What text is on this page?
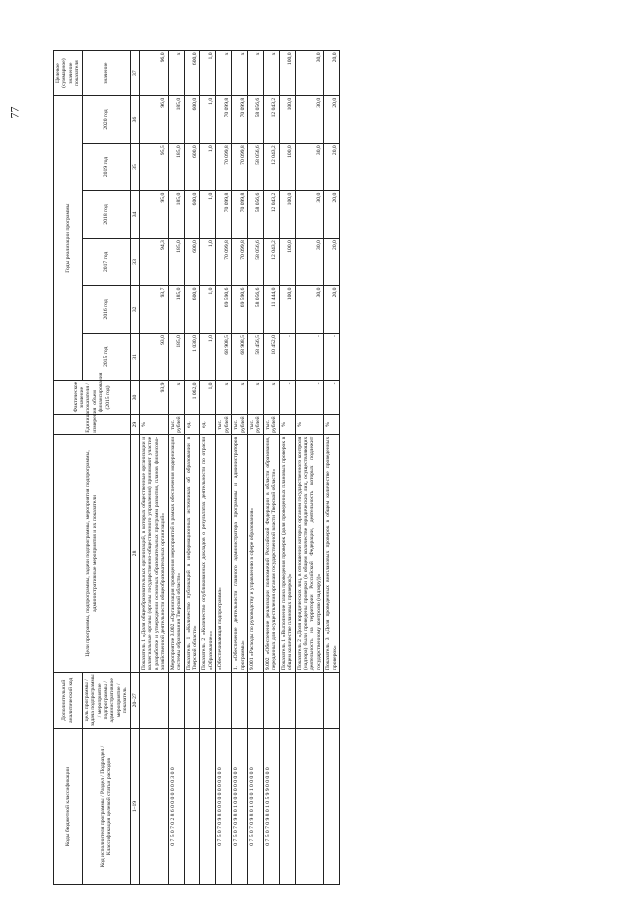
77
Коды бюджетной классификации	Дополнительный аналитический код	Цели программы, подпрограммы, задачи подпрограммы, мероприятия подпрограммы, административные мероприятия и их показатели	Единица измерения	Фактическое значение показателя / объем финансирования (2015 год)	Годы реализации программы						Целевое (суммарное) значение показателя
Код исполнителя программы / Раздел / Подраздел / Классификация целевой статьи расходов	цель программы / задача подпрограммы / мероприятие подпрограммы / административное мероприятие / показатель				2015 год	2016 год	2017 год	2018 год	2019 год	2020 год	значение
1–19	20–27	28	29	30	31	32	33	34	35	36	37
		Показатель 1 «Доля общеобразовательных организаций, в которых общественные организации и коллегиальные органы (органы государственно-общественного управления) принимают участие в разработке и утверждении основных образовательных программ развития, планов финансово-хозяйственной деятельности общеобразовательных организаций»	%	93,9	93,0	93,7	94,3	95,0	95,5	96,0	96,0
0 7 5 0 7 0 2 8 6 0 0 0 0 0 0 0 3 0 0		Мероприятие 3.002 «Организация проведения мероприятий в рамках обеспечения модернизации системы образования Тверской области»	тыс. рублей	х	185,0	185,0	185,0	185,0	185,0	185,0	х
		Показатель 1 «Количество публикаций в информационных источниках об образовании в Тверской области»	ед.	1 062,0	1 030,0	600,0	600,0	600,0	600,0	600,0	600,0
		Показатель 2 «Количество опубликованных докладов о результатах деятельности по отрасли «Образование»»	ед.	1,0	1,0	1,0	1,0	1,0	1,0	1,0	1,0
0 7 5 0 7 0 9 8 0 0 0 0 0 0 0 0 0 0 0		«Обеспечивающая подпрограмма»	тыс. рублей	х	68 908,5	69 590,6	70 099,8	70 099,8	70 099,8	70 099,8	х
0 7 5 0 7 0 9 8 0 1 0 0 0 0 0 0 0 0 0		1. «Обеспечение деятельности главного администратора программы и администраторов программы»	тыс. рублей	х	68 908,5	69 590,6	70 099,8	70 099,8	70 099,8	70 099,8	х
0 7 5 0 7 0 9 8 0 1 0 0 0 1 0 0 0 0 0		9.001 «Расходы по руководству и управлению в сфере образования»	тыс. рублей	х	58 456,5	58 056,6	58 056,6	58 056,6	58 056,6	58 056,6	х
0 7 5 0 7 0 9 8 0 1 0 5 9 9 0 0 0 0 0		9.002 «Обеспечение реализации полномочий Российской Федерации в области образования, переданных для осуществления органам государственной власти Тверской области»	тыс. рублей	х	10 452,0	11 444,0	12 043,2	12 043,2	12 043,2	12 043,2	х
		Показатель 1 «Выполнение плана проведения проверок (доля проведенных плановых проверок в общем количестве плановых проверок)»	%	-	-	100,0	100,0	100,0	100,0	100,0	100,0
		Показатель 2 «Доля юридических лиц, в отношении которых органом государственного контроля (надзора) были проведены проверки (в общем количестве юридических лиц, осуществляющих деятельность на территории Российской Федерации, деятельность которых подлежит государственному контролю (надзору))»	%	-	-	30,0	30,0	30,0	30,0	30,0	30,0
		Показатель 3 «Доля проведенных внеплановых проверок в общем количестве проведенных проверок»	%	-	-	20,0	20,0	20,0	20,0	20,0	20,0
